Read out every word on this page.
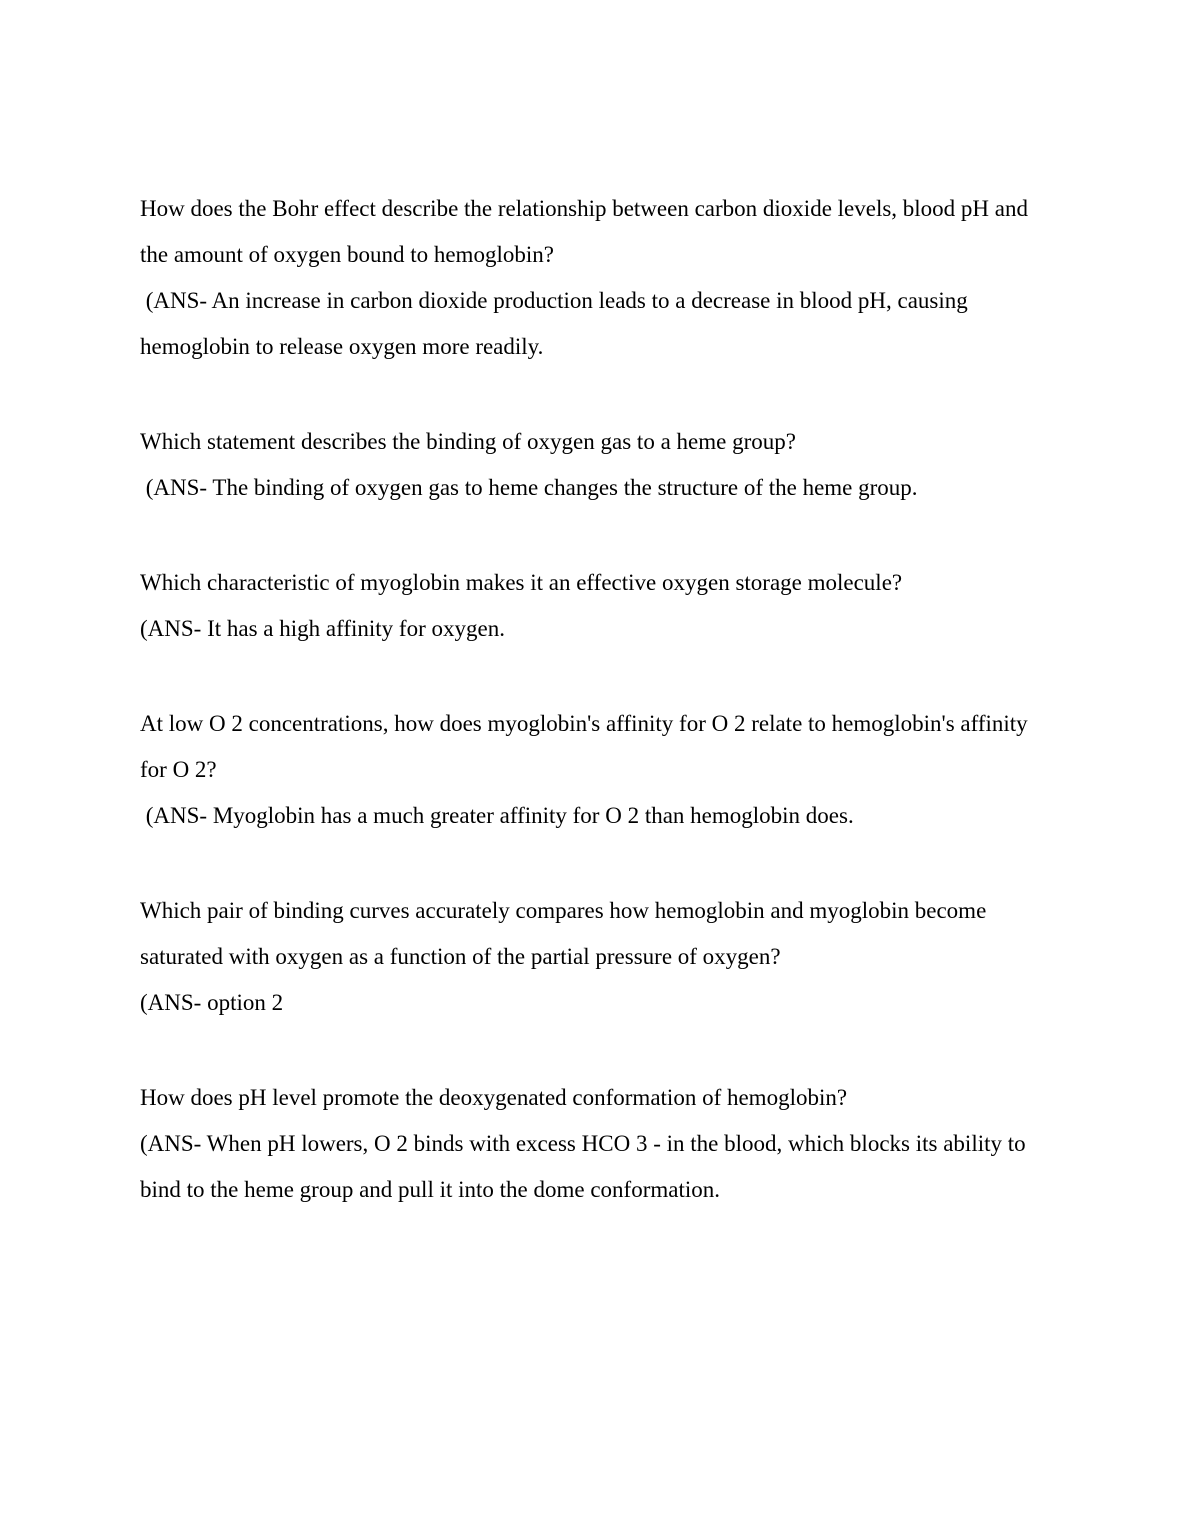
How does the Bohr effect describe the relationship between carbon dioxide levels, blood pH and the amount of oxygen bound to hemoglobin?

(ANS- An increase in carbon dioxide production leads to a decrease in blood pH, causing hemoglobin to release oxygen more readily.

Which statement describes the binding of oxygen gas to a heme group?

(ANS- The binding of oxygen gas to heme changes the structure of the heme group.

Which characteristic of myoglobin makes it an effective oxygen storage molecule?

(ANS- It has a high affinity for oxygen.

At low O 2 concentrations, how does myoglobin's affinity for O 2 relate to hemoglobin's affinity for O 2?

(ANS- Myoglobin has a much greater affinity for O 2 than hemoglobin does.

Which pair of binding curves accurately compares how hemoglobin and myoglobin become saturated with oxygen as a function of the partial pressure of oxygen?

(ANS- option 2

How does pH level promote the deoxygenated conformation of hemoglobin?

(ANS- When pH lowers, O 2 binds with excess HCO 3 - in the blood, which blocks its ability to bind to the heme group and pull it into the dome conformation.
